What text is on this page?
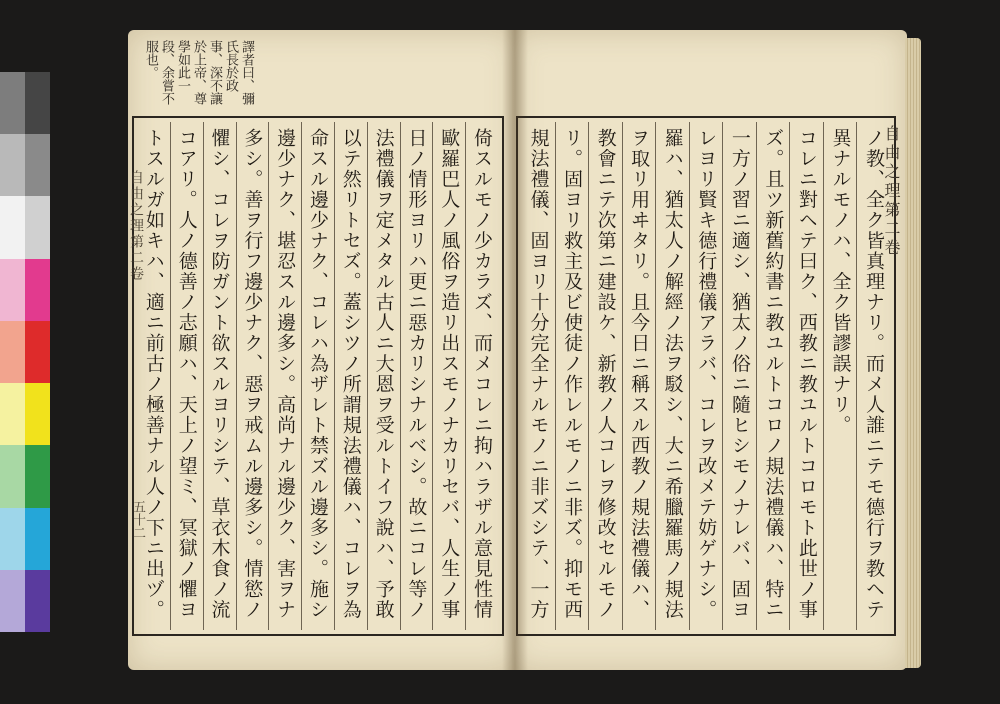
譯者曰、彌
氏長於政
事、深不讓
於上帝、尊
學如此一
段、余嘗不
服也。
倚スルモノ少カラズ、而メコレニ拘ハラザル意見性情
歐羅巴人ノ風俗ヲ造リ出スモノナカリセバ、人生ノ事
日ノ情形ヨリハ更ニ惡カリシナルベシ。故ニコレ等ノ
法禮儀ヲ定メタル古人ニ大恩ヲ受ルトイフ說ハ、予敢
以テ然リトセズ。蓋シツノ所謂規法禮儀ハ、コレヲ為
命スル邊少ナク、コレハ為ザレト禁ズル邊多シ。施シ
邊少ナク、堪忍スル邊多シ。高尚ナル邊少ク、害ヲナ
多シ。善ヲ行フ邊少ナク、惡ヲ戒ムル邊多シ。情慾ノ
懼シ、コレヲ防ガント欲スルヨリシテ、草衣木食ノ流
コアリ。人ノ德善ノ志願ハ、天上ノ望ミ、冥獄ノ懼ヨ
トスルガ如キハ、適ニ前古ノ極善ナル人ノ下ニ出ヅ。
自由之理第二卷
五十二
ノ教、全ク皆真理ナリ。而メ人誰ニテモ德行ヲ教ヘテ
異ナルモノハ、全ク皆謬誤ナリ。
コレニ對ヘテ曰ク、西教ニ教ユルトコロモト此世ノ事
ズ。且ツ新舊約書ニ教ユルトコロノ規法禮儀ハ、特ニ
一方ノ習ニ適シ、猶太ノ俗ニ隨ヒシモノナレバ、固ヨ
レヨリ賢キ德行禮儀アラバ、コレヲ改メテ妨ゲナシ。
羅ハ、猶太人ノ解經ノ法ヲ駁シ、大ニ希臘羅馬ノ規法
ヲ取リ用ヰタリ。且今日ニ稱スル西教ノ規法禮儀ハ、
教會ニテ次第ニ建設ケ、新教ノ人コレヲ修改セルモノ
リ。固ヨリ救主及ビ使徒ノ作レルモノニ非ズ。抑モ西
規法禮儀、固ヨリ十分完全ナルモノニ非ズシテ、一方
自由之理第二卷
